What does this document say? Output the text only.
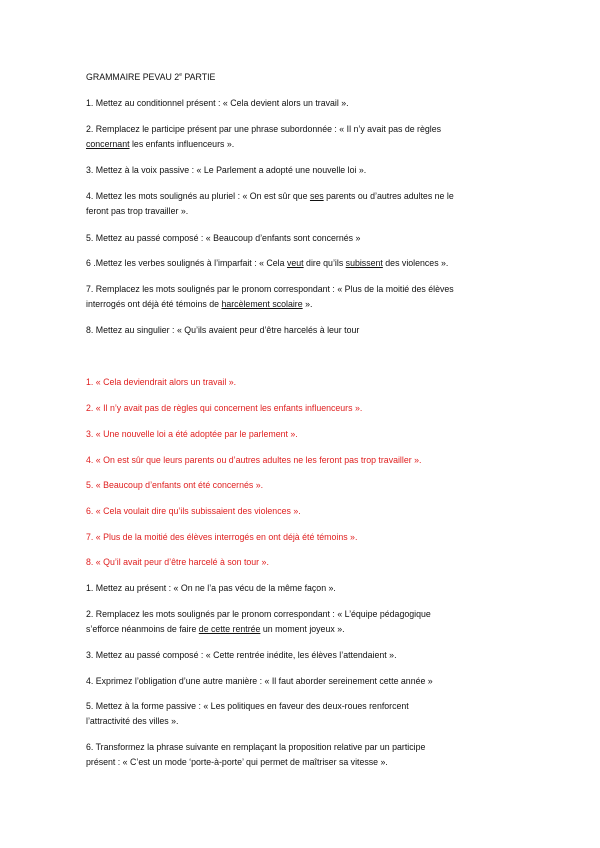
GRAMMAIRE PEVAU 2e PARTIE
1. Mettez au conditionnel présent : « Cela devient alors un travail ».
2. Remplacez le participe présent par une phrase subordonnée : « Il n’y avait pas de règles
concernant les enfants influenceurs ».
3. Mettez à la voix passive : « Le Parlement a adopté une nouvelle loi ».
4. Mettez les mots soulignés au pluriel : « On est sûr que ses parents ou d’autres adultes ne le
feront pas trop travailler ».
5. Mettez au passé composé : « Beaucoup d’enfants sont concernés »
6 .Mettez les verbes soulignés à l’imparfait : « Cela veut dire qu’ils subissent des violences ».
7. Remplacez les mots soulignés par le pronom correspondant : « Plus de la moitié des élèves
interrogés ont déjà été témoins de harcèlement scolaire ».
8. Mettez au singulier : « Qu’ils avaient peur d’être harcelés à leur tour
1. « Cela deviendrait alors un travail ».
2. « Il n’y avait pas de règles qui concernent les enfants influenceurs ».
3. « Une nouvelle loi a été adoptée par le parlement ».
4. « On est sûr que leurs parents ou d’autres adultes ne les feront pas trop travailler ».
5. « Beaucoup d’enfants ont été concernés ».
6. « Cela voulait dire qu’ils subissaient des violences ».
7. « Plus de la moitié des élèves interrogés en ont déjà été témoins ».
8. « Qu’il avait peur d’être harcelé à son tour ».
1. Mettez au présent : « On ne l’a pas vécu de la même façon ».
2. Remplacez les mots soulignés par le pronom correspondant : « L’équipe pédagogique
s’efforce néanmoins de faire de cette rentrée un moment joyeux ».
3. Mettez au passé composé : « Cette rentrée inédite, les élèves l’attendaient ».
4. Exprimez l’obligation d’une autre manière : « Il faut aborder sereinement cette année »
5. Mettez à la forme passive : « Les politiques en faveur des deux-roues renforcent
l’attractivité des villes ».
6. Transformez la phrase suivante en remplaçant la proposition relative par un participe
présent : « C’est un mode ‘porte-à-porte’ qui permet de maîtriser sa vitesse ».
